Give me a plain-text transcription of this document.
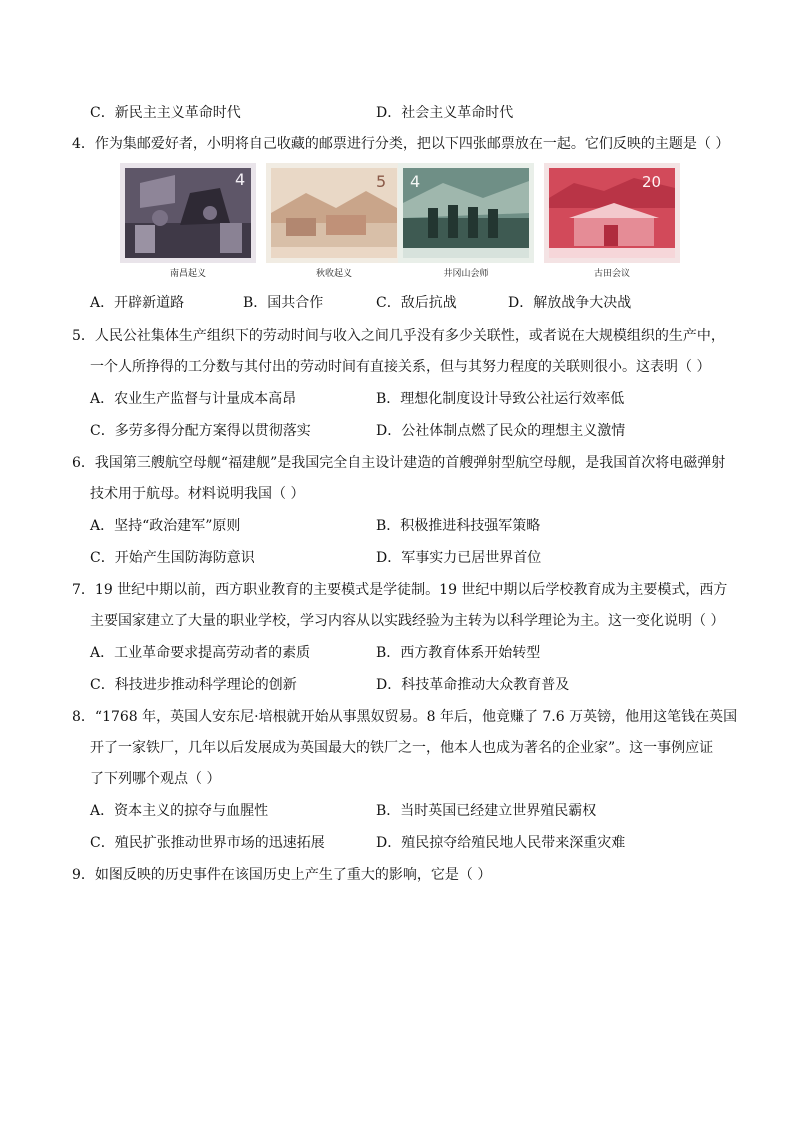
C．新民主主义革命时代	D．社会主义革命时代
4．作为集邮爱好者，小明将自己收藏的邮票进行分类，把以下四张邮票放在一起。它们反映的主题是（ ）
4
南昌起义
5
秋收起义
4
井冈山会师
20
古田会议
A．开辟新道路	B．国共合作	C．敌后抗战	D．解放战争大决战
5．人民公社集体生产组织下的劳动时间与收入之间几乎没有多少关联性，或者说在大规模组织的生产中，
一个人所挣得的工分数与其付出的劳动时间有直接关系，但与其努力程度的关联则很小。这表明（ ）
A．农业生产监督与计量成本高昂	B．理想化制度设计导致公社运行效率低
C．多劳多得分配方案得以贯彻落实	D．公社体制点燃了民众的理想主义激情
6．我国第三艘航空母舰“福建舰”是我国完全自主设计建造的首艘弹射型航空母舰，是我国首次将电磁弹射
技术用于航母。材料说明我国（ ）
A．坚持“政治建军”原则	B．积极推进科技强军策略
C．开始产生国防海防意识	D．军事实力已居世界首位
7．19 世纪中期以前，西方职业教育的主要模式是学徒制。19 世纪中期以后学校教育成为主要模式，西方
主要国家建立了大量的职业学校，学习内容从以实践经验为主转为以科学理论为主。这一变化说明（ ）
A．工业革命要求提高劳动者的素质	B．西方教育体系开始转型
C．科技进步推动科学理论的创新	D．科技革命推动大众教育普及
8．“1768 年，英国人安东尼·培根就开始从事黑奴贸易。8 年后，他竟赚了 7.6 万英镑，他用这笔钱在英国
开了一家铁厂，几年以后发展成为英国最大的铁厂之一，他本人也成为著名的企业家”。这一事例应证
了下列哪个观点（ ）
A．资本主义的掠夺与血腥性	B．当时英国已经建立世界殖民霸权
C．殖民扩张推动世界市场的迅速拓展	D．殖民掠夺给殖民地人民带来深重灾难
9．如图反映的历史事件在该国历史上产生了重大的影响，它是（ ）
